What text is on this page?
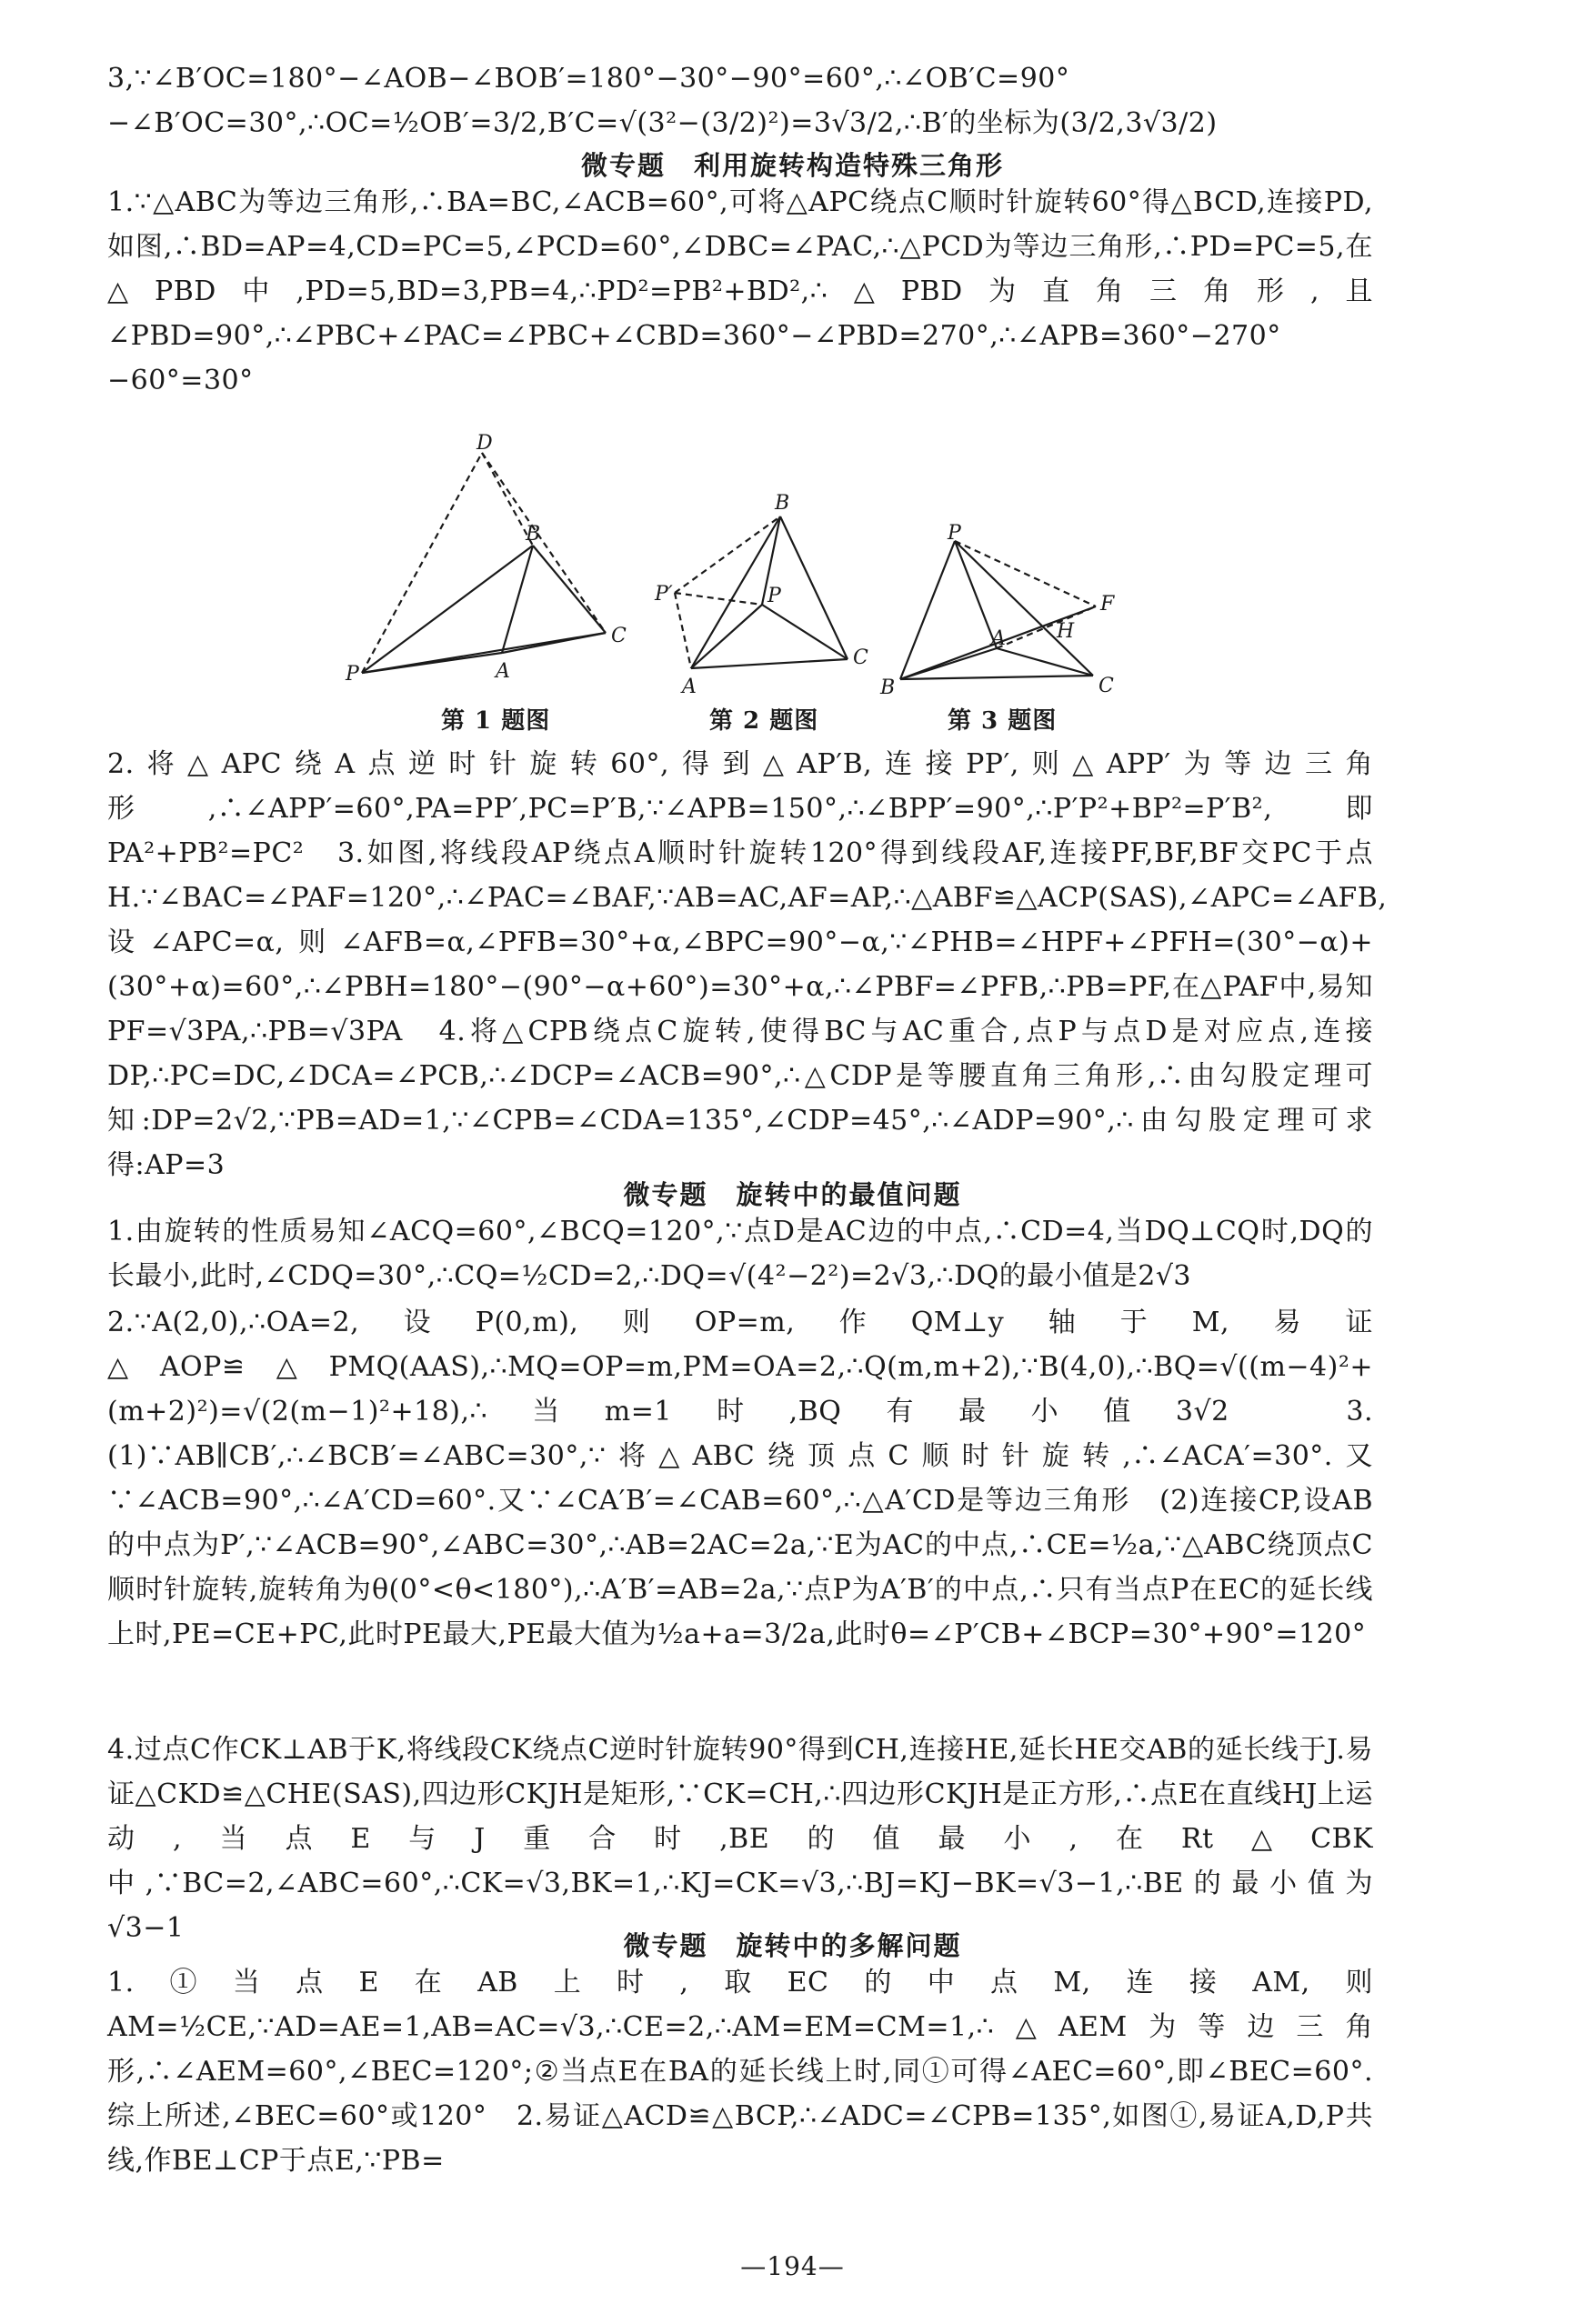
3,∵∠B′OC=180°−∠AOB−∠BOB′=180°−30°−90°=60°,∴∠OB′C=90°−∠B′OC=30°,∴OC=½OB′=3/2,B′C=√(3²−(3/2)²)=3√3/2,∴B′的坐标为(3/2,3√3/2)

微专题　利用旋转构造特殊三角形

1.∵△ABC为等边三角形,∴BA=BC,∠ACB=60°,可将△APC绕点C顺时针旋转60°得△BCD,连接PD,如图,∴BD=AP=4,CD=PC=5,∠PCD=60°,∠DBC=∠PAC,∴△PCD为等边三角形,∴PD=PC=5,在△PBD中,PD=5,BD=3,PB=4,∴PD²=PB²+BD²,∴△PBD为直角三角形,且∠PBD=90°,∴∠PBC+∠PAC=∠PBC+∠CBD=360°−∠PBD=270°,∴∠APB=360°−270°−60°=30°

D
B
C
P	A
第 1 题图
B
P′	P
C
A
第 2 题图
P
F
A	H
B	C
第 3 题图

2.将△APC绕A点逆时针旋转60°,得到△AP′B,连接PP′,则△APP′为等边三角形,∴∠APP′=60°,PA=PP′,PC=P′B,∵∠APB=150°,∴∠BPP′=90°,∴P′P²+BP²=P′B²,即PA²+PB²=PC²　3.如图,将线段AP绕点A顺时针旋转120°得到线段AF,连接PF,BF,BF交PC于点H.∵∠BAC=∠PAF=120°,∴∠PAC=∠BAF,∵AB=AC,AF=AP,∴△ABF≌△ACP(SAS),∠APC=∠AFB,设∠APC=α,则∠AFB=α,∠PFB=30°+α,∠BPC=90°−α,∵∠PHB=∠HPF+∠PFH=(30°−α)+(30°+α)=60°,∴∠PBH=180°−(90°−α+60°)=30°+α,∴∠PBF=∠PFB,∴PB=PF,在△PAF中,易知PF=√3PA,∴PB=√3PA　4.将△CPB绕点C旋转,使得BC与AC重合,点P与点D是对应点,连接DP,∴PC=DC,∠DCA=∠PCB,∴∠DCP=∠ACB=90°,∴△CDP是等腰直角三角形,∴由勾股定理可知:DP=2√2,∵PB=AD=1,∵∠CPB=∠CDA=135°,∠CDP=45°,∴∠ADP=90°,∴由勾股定理可求得:AP=3

微专题　旋转中的最值问题

1.由旋转的性质易知∠ACQ=60°,∠BCQ=120°,∵点D是AC边的中点,∴CD=4,当DQ⊥CQ时,DQ的长最小,此时,∠CDQ=30°,∴CQ=½CD=2,∴DQ=√(4²−2²)=2√3,∴DQ的最小值是2√3

2.∵A(2,0),∴OA=2,设P(0,m),则OP=m,作QM⊥y轴于M,易证△AOP≌△PMQ(AAS),∴MQ=OP=m,PM=OA=2,∴Q(m,m+2),∵B(4,0),∴BQ=√((m−4)²+(m+2)²)=√(2(m−1)²+18),∴当m=1时,BQ有最小值3√2　3.(1)∵AB∥CB′,∴∠BCB′=∠ABC=30°,∵将△ABC绕顶点C顺时针旋转,∴∠ACA′=30°.又∵∠ACB=90°,∴∠A′CD=60°.又∵∠CA′B′=∠CAB=60°,∴△A′CD是等边三角形　(2)连接CP,设AB的中点为P′,∵∠ACB=90°,∠ABC=30°,∴AB=2AC=2a,∵E为AC的中点,∴CE=½a,∵△ABC绕顶点C顺时针旋转,旋转角为θ(0°<θ<180°),∴A′B′=AB=2a,∵点P为A′B′的中点,∴只有当点P在EC的延长线上时,PE=CE+PC,此时PE最大,PE最大值为½a+a=3/2a,此时θ=∠P′CB+∠BCP=30°+90°=120°

4.过点C作CK⊥AB于K,将线段CK绕点C逆时针旋转90°得到CH,连接HE,延长HE交AB的延长线于J.易证△CKD≌△CHE(SAS),四边形CKJH是矩形,∵CK=CH,∴四边形CKJH是正方形,∴点E在直线HJ上运动,当点E与J重合时,BE的值最小,在Rt△CBK中,∵BC=2,∠ABC=60°,∴CK=√3,BK=1,∴KJ=CK=√3,∴BJ=KJ−BK=√3−1,∴BE的最小值为√3−1

微专题　旋转中的多解问题

1.①当点E在AB上时,取EC的中点M,连接AM,则AM=½CE,∵AD=AE=1,AB=AC=√3,∴CE=2,∴AM=EM=CM=1,∴△AEM为等边三角形,∴∠AEM=60°,∠BEC=120°;②当点E在BA的延长线上时,同①可得∠AEC=60°,即∠BEC=60°.综上所述,∠BEC=60°或120°　2.易证△ACD≌△BCP,∴∠ADC=∠CPB=135°,如图①,易证A,D,P共线,作BE⊥CP于点E,∵PB=

—194—
